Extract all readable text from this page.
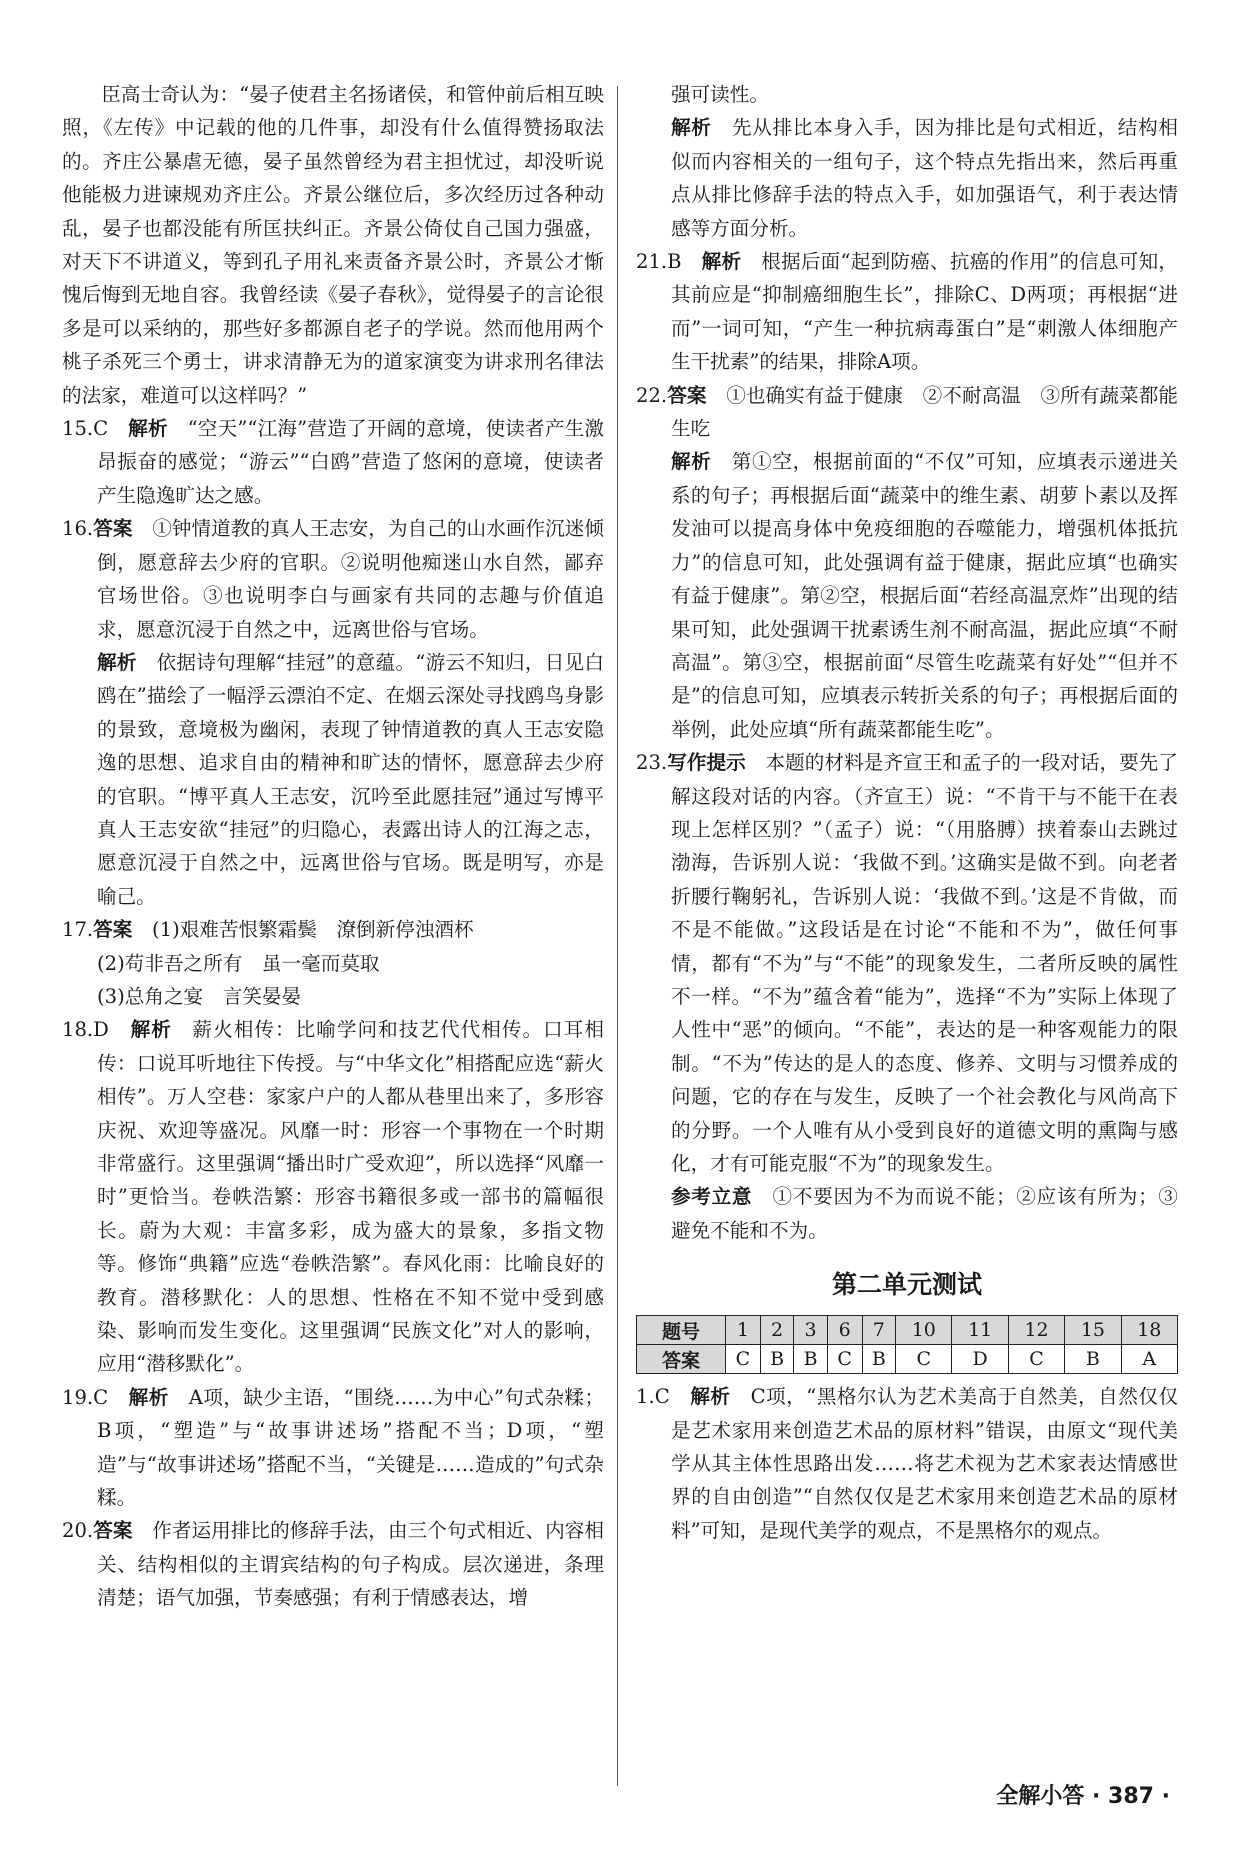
臣高士奇认为：“晏子使君主名扬诸侯，和管仲前后相互映照，《左传》中记载的他的几件事，却没有什么值得赞扬取法的。齐庄公暴虐无德，晏子虽然曾经为君主担忧过，却没听说他能极力进谏规劝齐庄公。齐景公继位后，多次经历过各种动乱，晏子也都没能有所匡扶纠正。齐景公倚仗自己国力强盛，对天下不讲道义，等到孔子用礼来责备齐景公时，齐景公才惭愧后悔到无地自容。我曾经读《晏子春秋》，觉得晏子的言论很多是可以采纳的，那些好多都源自老子的学说。然而他用两个桃子杀死三个勇士，讲求清静无为的道家演变为讲求刑名律法的法家，难道可以这样吗？”

15.C　 解析　 “空天”“江海”营造了开阔的意境，使读者产生激昂振奋的感觉；“游云”“白鸥”营造了悠闲的意境，使读者产生隐逸旷达之感。

16.答案　 ①钟情道教的真人王志安，为自己的山水画作沉迷倾倒，愿意辞去少府的官职。②说明他痴迷山水自然，鄙弃官场世俗。③也说明李白与画家有共同的志趣与价值追求，愿意沉浸于自然之中，远离世俗与官场。

解析　 依据诗句理解“挂冠”的意蕴。“游云不知归，日见白鸥在”描绘了一幅浮云漂泊不定、在烟云深处寻找鸥鸟身影的景致，意境极为幽闲，表现了钟情道教的真人王志安隐逸的思想、追求自由的精神和旷达的情怀，愿意辞去少府的官职。“博平真人王志安，沉吟至此愿挂冠”通过写博平真人王志安欲“挂冠”的归隐心，表露出诗人的江海之志，愿意沉浸于自然之中，远离世俗与官场。既是明写，亦是喻己。

17.答案　 (1)艰难苦恨繁霜鬓　潦倒新停浊酒杯

(2)苟非吾之所有　虽一毫而莫取

(3)总角之宴　言笑晏晏

18.D　 解析　 薪火相传：比喻学问和技艺代代相传。口耳相传：口说耳听地往下传授。与“中华文化”相搭配应选“薪火相传”。万人空巷：家家户户的人都从巷里出来了，多形容庆祝、欢迎等盛况。风靡一时：形容一个事物在一个时期非常盛行。这里强调“播出时广受欢迎”，所以选择“风靡一时”更恰当。卷帙浩繁：形容书籍很多或一部书的篇幅很长。蔚为大观：丰富多彩，成为盛大的景象，多指文物等。修饰“典籍”应选“卷帙浩繁”。春风化雨：比喻良好的教育。潜移默化：人的思想、性格在不知不觉中受到感染、影响而发生变化。这里强调“民族文化”对人的影响，应用“潜移默化”。

19.C　 解析　 A项，缺少主语，“围绕……为中心”句式杂糅；B项，“塑造”与“故事讲述场”搭配不当；D项，“塑造”与“故事讲述场”搭配不当，“关键是……造成的”句式杂糅。

20.答案　 作者运用排比的修辞手法，由三个句式相近、内容相关、结构相似的主谓宾结构的句子构成。层次递进，条理清楚；语气加强，节奏感强；有利于情感表达，增

强可读性。

解析　 先从排比本身入手，因为排比是句式相近，结构相似而内容相关的一组句子，这个特点先指出来，然后再重点从排比修辞手法的特点入手，如加强语气，利于表达情感等方面分析。

21.B　 解析　 根据后面“起到防癌、抗癌的作用”的信息可知，其前应是“抑制癌细胞生长”，排除C、D两项；再根据“进而”一词可知，“产生一种抗病毒蛋白”是“刺激人体细胞产生干扰素”的结果，排除A项。

22.答案　 ①也确实有益于健康　②不耐高温　③所有蔬菜都能生吃

解析　 第①空，根据前面的“不仅”可知，应填表示递进关系的句子；再根据后面“蔬菜中的维生素、胡萝卜素以及挥发油可以提高身体中免疫细胞的吞噬能力，增强机体抵抗力”的信息可知，此处强调有益于健康，据此应填“也确实有益于健康”。第②空，根据后面“若经高温烹炸”出现的结果可知，此处强调干扰素诱生剂不耐高温，据此应填“不耐高温”。第③空，根据前面“尽管生吃蔬菜有好处”“但并不是”的信息可知，应填表示转折关系的句子；再根据后面的举例，此处应填“所有蔬菜都能生吃”。

23.写作提示　 本题的材料是齐宣王和孟子的一段对话，要先了解这段对话的内容。（齐宣王）说：“不肯干与不能干在表现上怎样区别？”（孟子）说：“（用胳膊）挟着泰山去跳过渤海，告诉别人说：‘我做不到。’这确实是做不到。向老者折腰行鞠躬礼，告诉别人说：‘我做不到。’这是不肯做，而不是不能做。”这段话是在讨论“不能和不为”，做任何事情，都有“不为”与“不能”的现象发生，二者所反映的属性不一样。“不为”蕴含着“能为”，选择“不为”实际上体现了人性中“恶”的倾向。“不能”，表达的是一种客观能力的限制。“不为”传达的是人的态度、修养、文明与习惯养成的问题，它的存在与发生，反映了一个社会教化与风尚高下的分野。一个人唯有从小受到良好的道德文明的熏陶与感化，才有可能克服“不为”的现象发生。

参考立意　 ①不要因为不为而说不能；②应该有所为；③避免不能和不为。

第二单元测试
题号	1	2	3	6	7	10	11	12	15	18
答案	C	B	B	C	B	C	D	C	B	A

1.C　 解析　 C项，“黑格尔认为艺术美高于自然美，自然仅仅是艺术家用来创造艺术品的原材料”错误，由原文“现代美学从其主体性思路出发……将艺术视为艺术家表达情感世界的自由创造”“自然仅仅是艺术家用来创造艺术品的原材料”可知，是现代美学的观点，不是黑格尔的观点。

全解小答 · 387 ·
